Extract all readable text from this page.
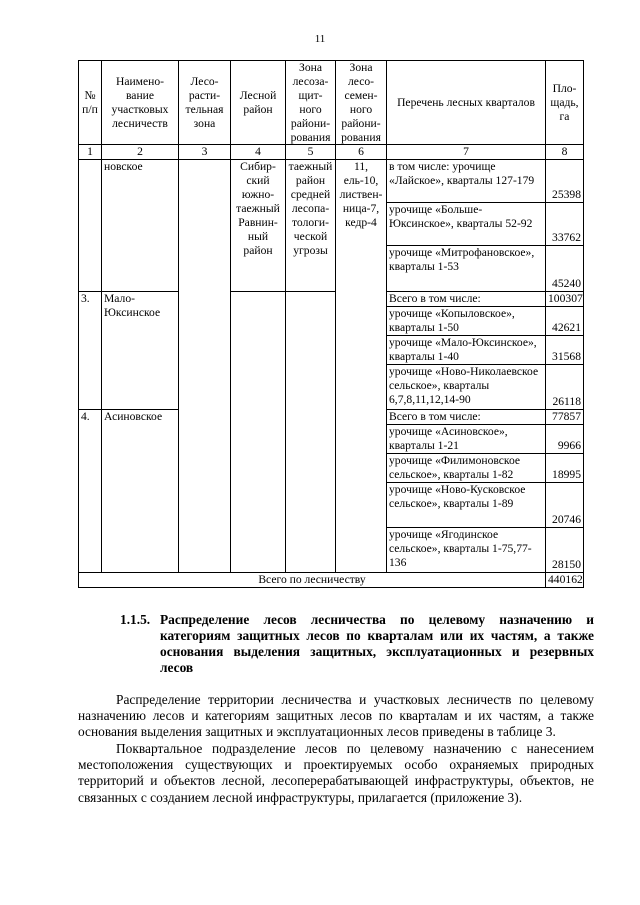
11
№ п/п	Наимено-вание участковых лесничеств	Лесо-расти-тельная зона	Лесной район	Зона лесоза-щит-ного райони-рования	Зона лесо-семен-ного райони-рования	Перечень лесных кварталов	Пло-щадь, га
1	2	3	4	5	6	7	8
	новское		Сибир-ский южно-таежный Равнин-ный район	таежный район средней лесопа-тологи-ческой угрозы	11, ель-10, листвен-ница-7, кедр-4	в том числе: урочище «Лайское», кварталы 127-179	25398
						урочище «Больше-Юксинское», кварталы 52-92	33762
						урочище «Митрофановское», кварталы 1-53	45240
3.	Мало-Юксинское					Всего в том числе:	100307
						урочище «Копыловское», кварталы 1-50	42621
						урочище «Мало-Юксинское», кварталы 1-40	31568
						урочище «Ново-Николаевское сельское», кварталы 6,7,8,11,12,14-90	26118
4.	Асиновское					Всего в том числе:	77857
						урочище «Асиновское», кварталы 1-21	9966
						урочище «Филимоновское сельское», кварталы 1-82	18995
						урочище «Ново-Кусковское сельское», кварталы 1-89	20746
						урочище «Ягодинское сельское», кварталы 1-75,77-136	28150
Всего по лесничеству							440162
1.1.5. Распределение лесов лесничества по целевому назначению и категориям защитных лесов по кварталам или их частям, а также основания выделения защитных, эксплуатационных и резервных лесов
Распределение территории лесничества и участковых лесничеств по целевому назначению лесов и категориям защитных лесов по кварталам и их частям, а также основания выделения защитных и эксплуатационных лесов приведены в таблице 3.
Поквартальное подразделение лесов по целевому назначению с нанесением местоположения существующих и проектируемых особо охраняемых природных территорий и объектов лесной, лесоперерабатывающей инфраструктуры, объектов, не связанных с созданием лесной инфраструктуры, прилагается (приложение 3).
